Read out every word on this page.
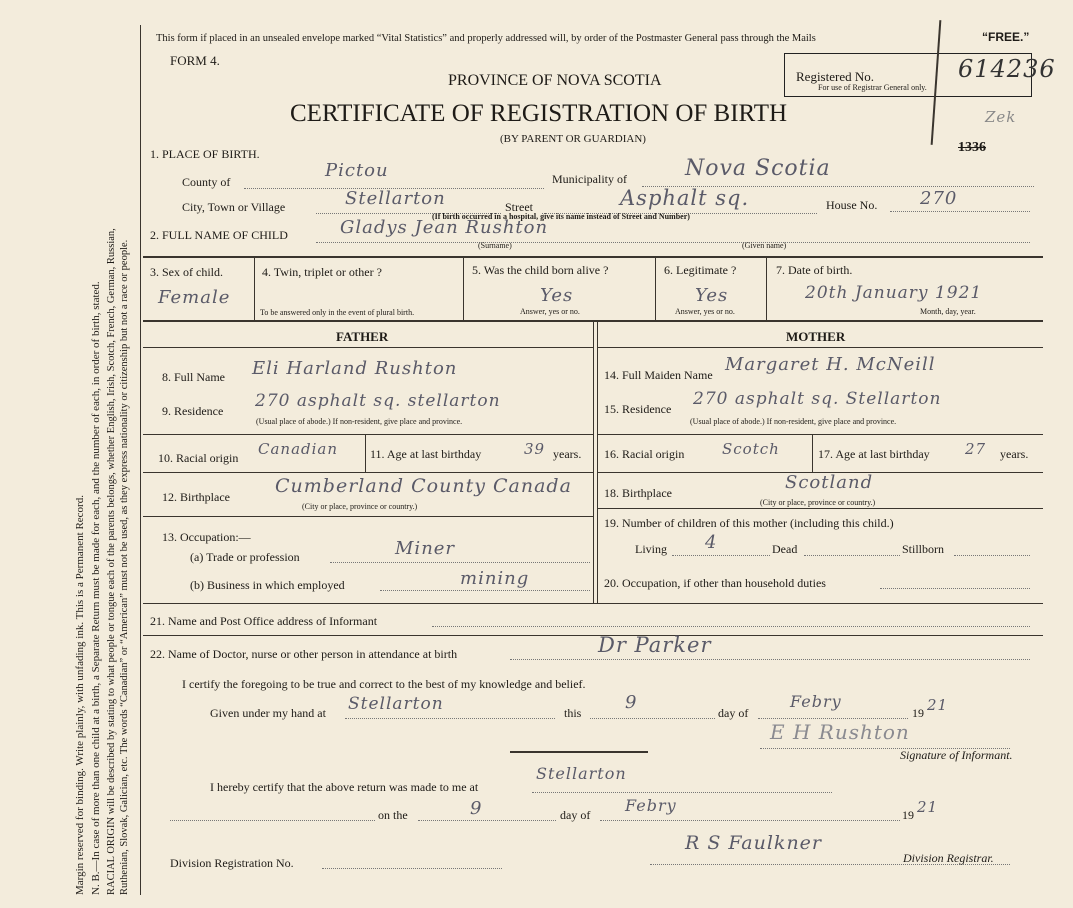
Margin reserved for binding. Write plainly, with unfading ink. This is a Permanent Record. N. B.—In case of more than one child at a birth, a Separate Return must be made for each, and the number of each, in order of birth, stated. RACIAL ORIGIN will be described by stating to what people or tongue each of the parents belongs, whether English, Irish, Scotch, French, German, Russian, Ruthenian, Slovak, Galician, etc. The words “Canadian” or “American” must not be used, as they express nationality or citizenship but not a race or people.
This form if placed in an unsealed envelope marked “Vital Statistics” and properly addressed will, by order of the Postmaster General pass through the Mails	“FREE.”
FORM 4.
PROVINCE OF NOVA SCOTIA
CERTIFICATE OF REGISTRATION OF BIRTH
(BY PARENT OR GUARDIAN)
Registered No.
For use of Registrar General only.
614236
Zek
1336
1. PLACE OF BIRTH.
County of
Pictou	Municipality of	Nova Scotia
City, Town or Village	Stellarton	Street	Asphalt sq.
(If birth occurred in a hospital, give its name instead of Street and Number)
House No. 270
2. FULL NAME OF CHILD	Gladys Jean Rushton
(Surname)	(Given name)
3. Sex of child.
Female
4. Twin, triplet or other ?
To be answered only in the event of plural birth.
5. Was the child born alive ?
Yes
Answer, yes or no.
6. Legitimate ?
Yes
Answer, yes or no.
7. Date of birth.
20th January 1921
Month, day, year.
FATHER
8. Full Name Eli Harland Rushton
9. Residence 270 asphalt sq. stellarton
(Usual place of abode.) If non-resident, give place and province.
10. Racial origin Canadian	11. Age at last birthday	39 years.
12. Birthplace Cumberland County Canada
(City or place, province or country.)
13. Occupation:—
(a) Trade or profession	Miner
(b) Business in which employed	mining
MOTHER
14. Full Maiden Name Margaret H. McNeill
15. Residence 270 asphalt sq. Stellarton
(Usual place of abode.) If non-resident, give place and province.
16. Racial origin	Scotch	17. Age at last birthday 27 years.
18. Birthplace	Scotland
(City or place, province or country.)
19. Number of children of this mother (including this child.)
Living 4	Dead	Stillborn
20. Occupation, if other than household duties
21. Name and Post Office address of Informant
22. Name of Doctor, nurse or other person in attendance at birth	Dr Parker
I certify the foregoing to be true and correct to the best of my knowledge and belief.
Given under my hand at Stellarton	this 9	day of
Febry
19 21
E H Rushton
Signature of Informant.
I hereby certify that the above return was made to me at
Stellarton
on the	9	day of Febry	19 21
Division Registration No.
R S Faulkner
Division Registrar.
